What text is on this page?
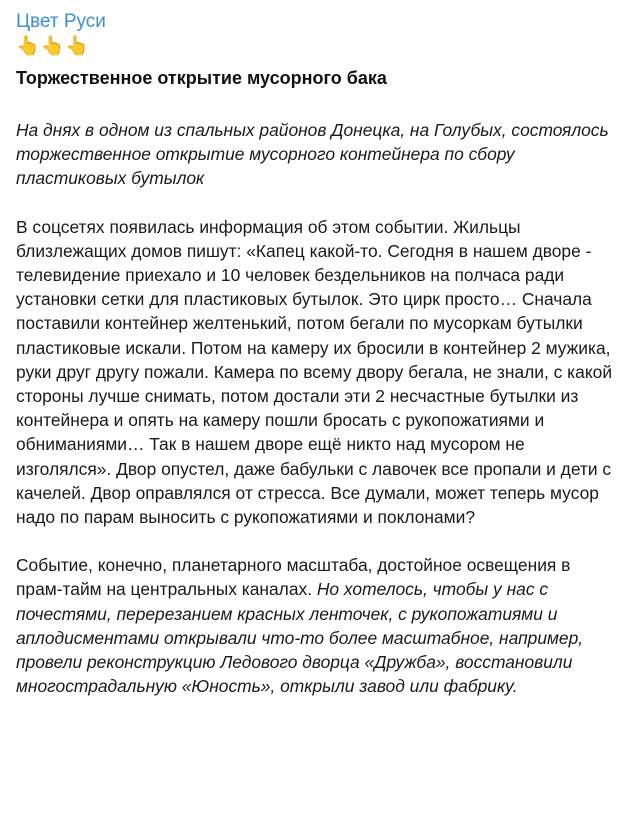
Цвет Руси
👆👆👆
Торжественное открытие мусорного бака

На днях в одном из спальных районов Донецка, на Голубых, состоялось торжественное открытие мусорного контейнера по сбору пластиковых бутылок

В соцсетях появилась информация об этом событии. Жильцы близлежащих домов пишут: «Капец какой-то. Сегодня в нашем дворе - телевидение приехало и 10 человек бездельников на полчаса ради установки сетки для пластиковых бутылок. Это цирк просто… Сначала поставили контейнер желтенький, потом бегали по мусоркам бутылки пластиковые искали. Потом на камеру их бросили в контейнер 2 мужика, руки друг другу пожали. Камера по всему двору бегала, не знали, с какой стороны лучше снимать, потом достали эти 2 несчастные бутылки из контейнера и опять на камеру пошли бросать с рукопожатиями и обниманиями… Так в нашем дворе ещё никто над мусором не изголялся». Двор опустел, даже бабульки с лавочек все пропали и дети с качелей. Двор оправлялся от стресса. Все думали, может теперь мусор надо по парам выносить с рукопожатиями и поклонами?

Событие, конечно, планетарного масштаба, достойное освещения в прам-тайм на центральных каналах. Но хотелось, чтобы у нас с почестями, перерезанием красных ленточек, с рукопожатиями и аплодисментами открывали что-то более масштабное, например, провели реконструкцию Ледового дворца «Дружба», восстановили многострадальную «Юность», открыли завод или фабрику.
